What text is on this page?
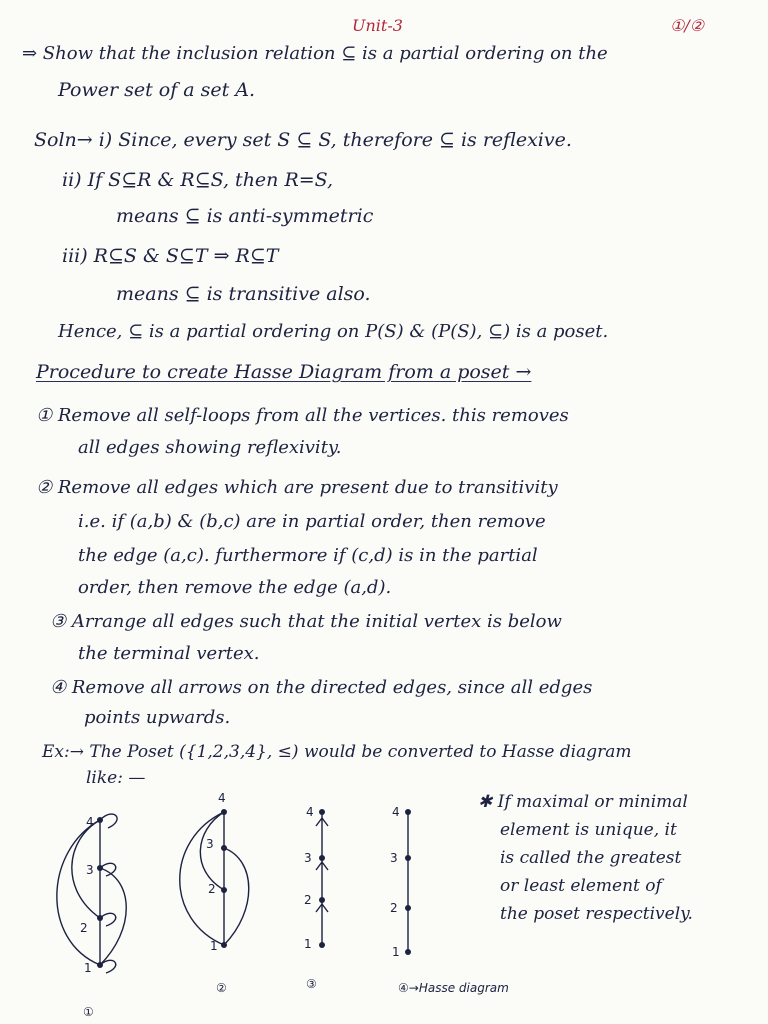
Unit-3	①/②
⇒ Show that the inclusion relation ⊆ is a partial ordering on the
Power set of a set A.
Soln→ i) Since, every set S ⊆ S, therefore ⊆ is reflexive.
ii) If S⊆R & R⊆S, then R=S,
means ⊆ is anti-symmetric
iii) R⊆S & S⊆T ⇒ R⊆T
means ⊆ is transitive also.
Hence, ⊆ is a partial ordering on P(S) & (P(S), ⊆) is a poset.
Procedure to create Hasse Diagram from a poset →
① Remove all self-loops from all the vertices. this removes
all edges showing reflexivity.
② Remove all edges which are present due to transitivity
i.e. if (a,b) & (b,c) are in partial order, then remove
the edge (a,c). furthermore if (c,d) is in the partial
order, then remove the edge (a,d).
③ Arrange all edges such that the initial vertex is below
the terminal vertex.
④ Remove all arrows on the directed edges, since all edges
points upwards.
Ex:→ The Poset ({1,2,3,4}, ≤) would be converted to Hasse diagram
like: —
✱ If maximal or minimal
element is unique, it
is called the greatest
or least element of
the poset respectively.
4
3
2
1
①
4
3
2
1
②
4
3
2
1
③
4
3
2
1
④→Hasse diagram
